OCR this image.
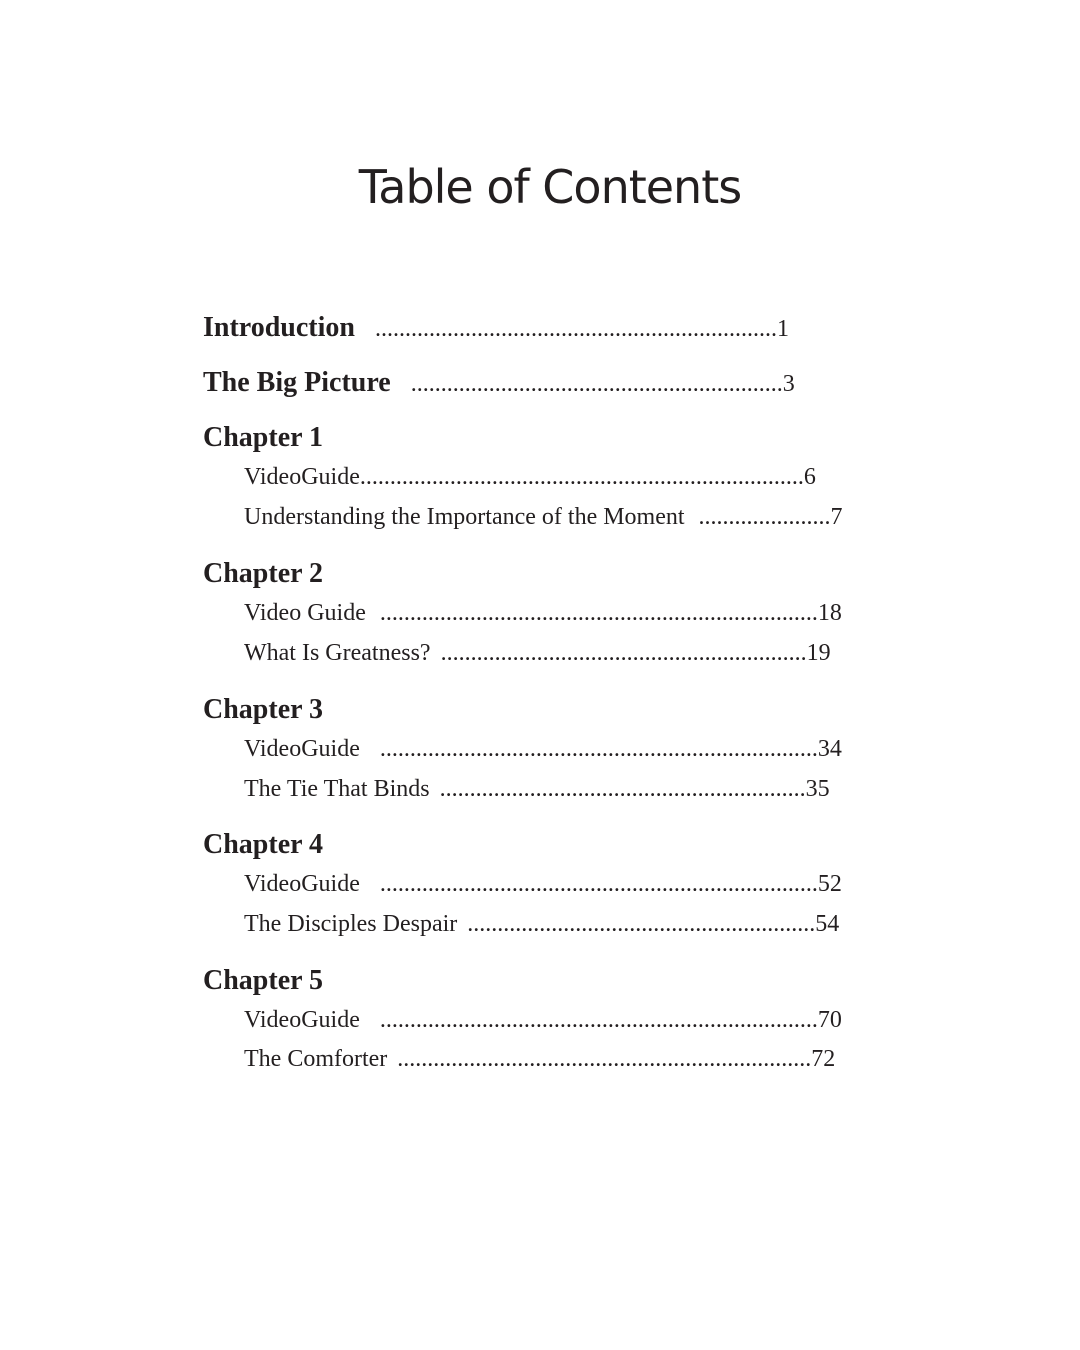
Table of Contents
Introduction ...................................................................1
The Big Picture ..............................................................3
Chapter 1
VideoGuide..........................................................................6
Understanding the Importance of the Moment ......................7
Chapter 2
Video Guide .........................................................................18
What Is Greatness? .............................................................19
Chapter 3
VideoGuide .........................................................................34
The Tie That Binds .............................................................35
Chapter 4
VideoGuide .........................................................................52
The Disciples Despair ..........................................................54
Chapter 5
VideoGuide .........................................................................70
The Comforter .....................................................................72
